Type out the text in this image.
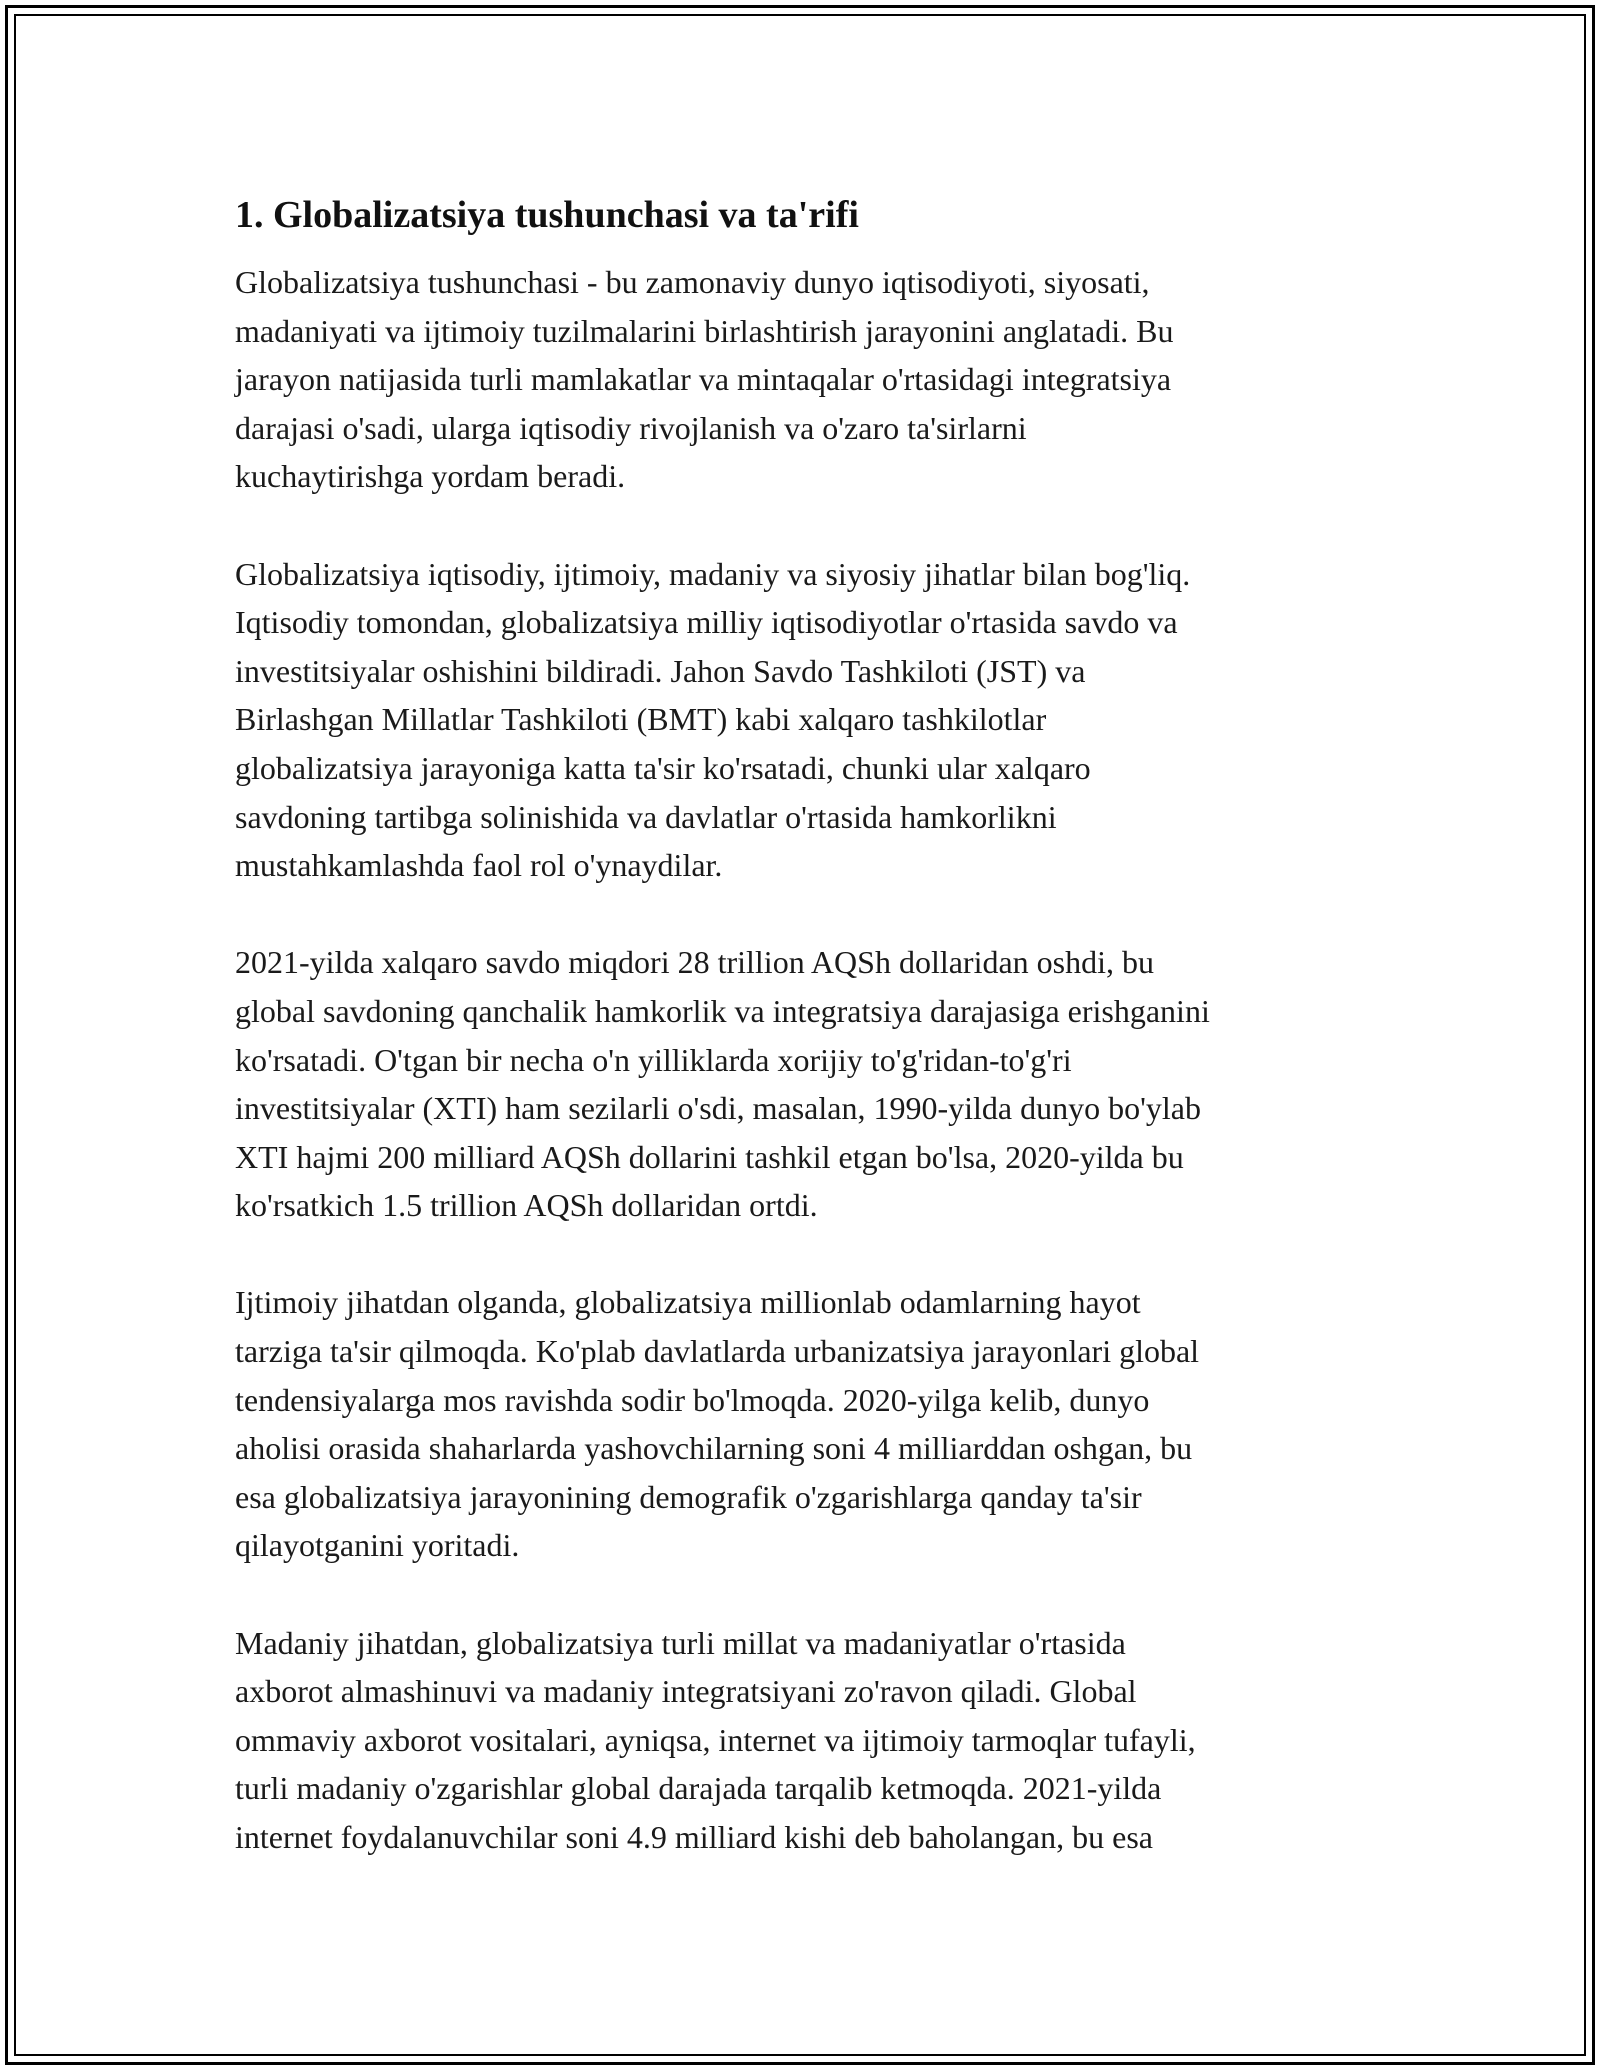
1. Globalizatsiya tushunchasi va ta'rifi

Globalizatsiya tushunchasi - bu zamonaviy dunyo iqtisodiyoti, siyosati,
madaniyati va ijtimoiy tuzilmalarini birlashtirish jarayonini anglatadi. Bu
jarayon natijasida turli mamlakatlar va mintaqalar o'rtasidagi integratsiya
darajasi o'sadi, ularga iqtisodiy rivojlanish va o'zaro ta'sirlarni
kuchaytirishga yordam beradi.

Globalizatsiya iqtisodiy, ijtimoiy, madaniy va siyosiy jihatlar bilan bog'liq.
Iqtisodiy tomondan, globalizatsiya milliy iqtisodiyotlar o'rtasida savdo va
investitsiyalar oshishini bildiradi. Jahon Savdo Tashkiloti (JST) va
Birlashgan Millatlar Tashkiloti (BMT) kabi xalqaro tashkilotlar
globalizatsiya jarayoniga katta ta'sir ko'rsatadi, chunki ular xalqaro
savdoning tartibga solinishida va davlatlar o'rtasida hamkorlikni
mustahkamlashda faol rol o'ynaydilar.

2021-yilda xalqaro savdo miqdori 28 trillion AQSh dollaridan oshdi, bu
global savdoning qanchalik hamkorlik va integratsiya darajasiga erishganini
ko'rsatadi. O'tgan bir necha o'n yilliklarda xorijiy to'g'ridan-to'g'ri
investitsiyalar (XTI) ham sezilarli o'sdi, masalan, 1990-yilda dunyo bo'ylab
XTI hajmi 200 milliard AQSh dollarini tashkil etgan bo'lsa, 2020-yilda bu
ko'rsatkich 1.5 trillion AQSh dollaridan ortdi.

Ijtimoiy jihatdan olganda, globalizatsiya millionlab odamlarning hayot
tarziga ta'sir qilmoqda. Ko'plab davlatlarda urbanizatsiya jarayonlari global
tendensiyalarga mos ravishda sodir bo'lmoqda. 2020-yilga kelib, dunyo
aholisi orasida shaharlarda yashovchilarning soni 4 milliarddan oshgan, bu
esa globalizatsiya jarayonining demografik o'zgarishlarga qanday ta'sir
qilayotganini yoritadi.

Madaniy jihatdan, globalizatsiya turli millat va madaniyatlar o'rtasida
axborot almashinuvi va madaniy integratsiyani zo'ravon qiladi. Global
ommaviy axborot vositalari, ayniqsa, internet va ijtimoiy tarmoqlar tufayli,
turli madaniy o'zgarishlar global darajada tarqalib ketmoqda. 2021-yilda
internet foydalanuvchilar soni 4.9 milliard kishi deb baholangan, bu esa
